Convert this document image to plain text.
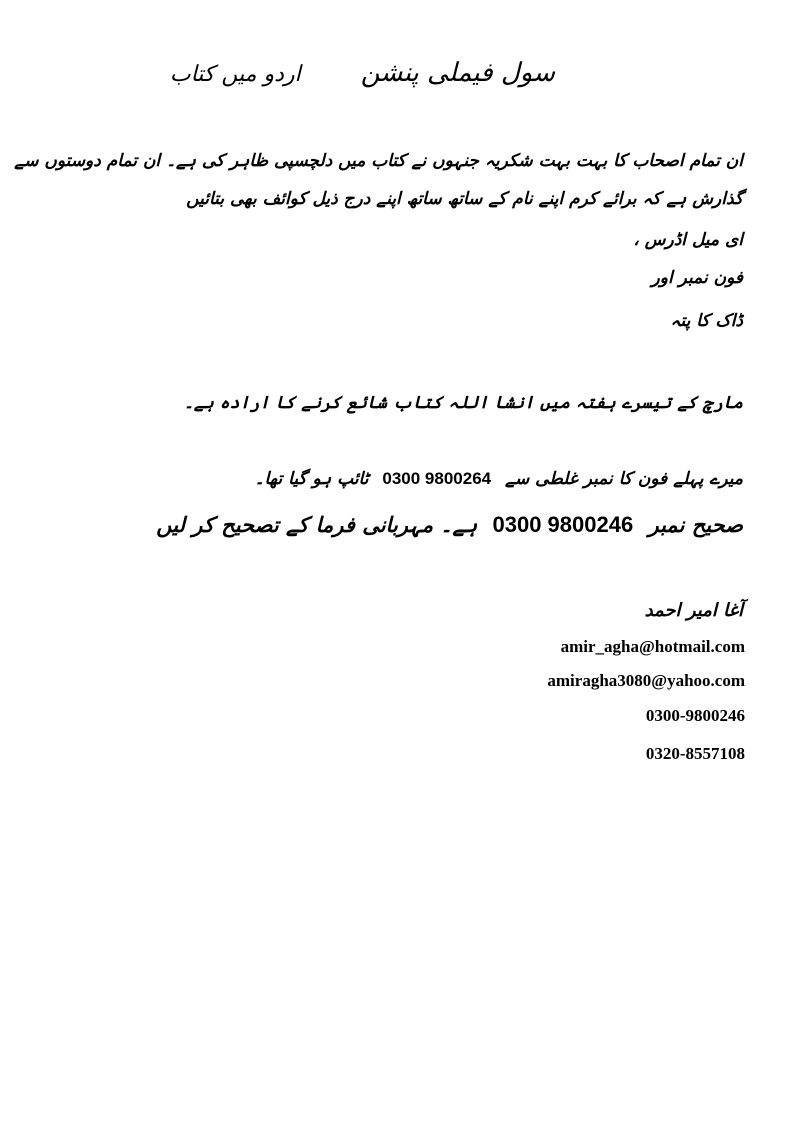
سول فیملی پنشناردو میں کتاب
ان تمام اصحاب کا بہت بہت شکریہ جنہوں نے کتاب میں دلچسپی ظاہر کی ہے۔ ان تمام دوستوں سے
گذارش ہے کہ برائے کرم اپنے نام کے ساتھ ساتھ اپنے درج ذیل کوائف بھی بتائیں
ای میل اڈرس ،
فون نمبر اور
ڈاک کا پتہ
مارچ کے تیسرے ہفتہ میں انشا اللہ کتاب شائع کرنے کا ارادہ ہے۔
میرے پہلے فون کا نمبر غلطی سے 0300 9800264 ٹائپ ہو گیا تھا۔
صحیح نمبر 0300 9800246 ہے۔ مہربانی فرما کے تصحیح کر لیں
آغا امیر احمد
amir_agha@hotmail.com
amiragha3080@yahoo.com
0300-9800246
0320-8557108
